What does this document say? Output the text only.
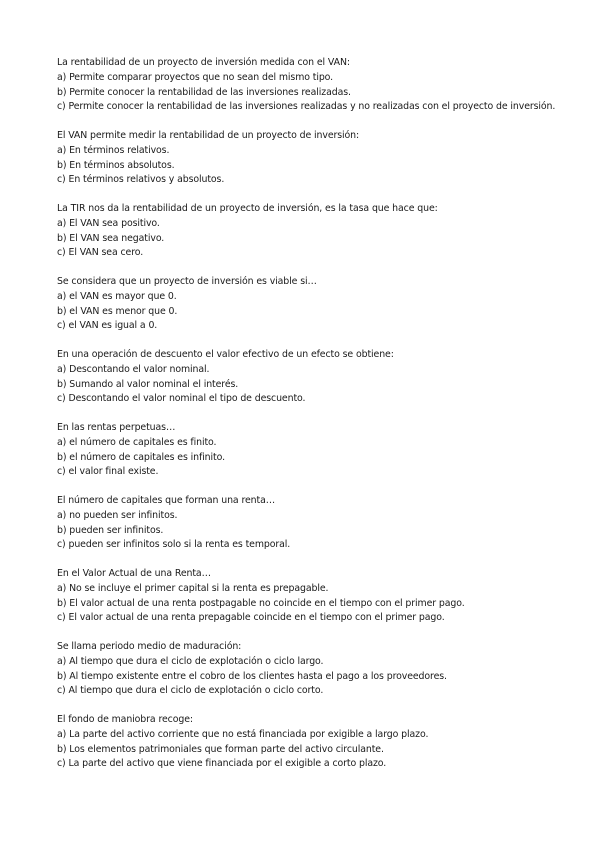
La rentabilidad de un proyecto de inversión medida con el VAN:
a) Permite comparar proyectos que no sean del mismo tipo.
b) Permite conocer la rentabilidad de las inversiones realizadas.
c) Permite conocer la rentabilidad de las inversiones realizadas y no realizadas con el proyecto de inversión.
El VAN permite medir la rentabilidad de un proyecto de inversión:
a) En términos relativos.
b) En términos absolutos.
c) En términos relativos y absolutos.
La TIR nos da la rentabilidad de un proyecto de inversión, es la tasa que hace que:
a) El VAN sea positivo.
b) El VAN sea negativo.
c) El VAN sea cero.
Se considera que un proyecto de inversión es viable si…
a) el VAN es mayor que 0.
b) el VAN es menor que 0.
c) el VAN es igual a 0.
En una operación de descuento el valor efectivo de un efecto se obtiene:
a) Descontando el valor nominal.
b) Sumando al valor nominal el interés.
c) Descontando el valor nominal el tipo de descuento.
En las rentas perpetuas…
a) el número de capitales es finito.
b) el número de capitales es infinito.
c) el valor final existe.
El número de capitales que forman una renta…
a) no pueden ser infinitos.
b) pueden ser infinitos.
c) pueden ser infinitos solo si la renta es temporal.
En el Valor Actual de una Renta…
a) No se incluye el primer capital si la renta es prepagable.
b) El valor actual de una renta postpagable no coincide en el tiempo con el primer pago.
c) El valor actual de una renta prepagable coincide en el tiempo con el primer pago.
Se llama periodo medio de maduración:
a) Al tiempo que dura el ciclo de explotación o ciclo largo.
b) Al tiempo existente entre el cobro de los clientes hasta el pago a los proveedores.
c) Al tiempo que dura el ciclo de explotación o ciclo corto.
El fondo de maniobra recoge:
a) La parte del activo corriente que no está financiada por exigible a largo plazo.
b) Los elementos patrimoniales que forman parte del activo circulante.
c) La parte del activo que viene financiada por el exigible a corto plazo.
